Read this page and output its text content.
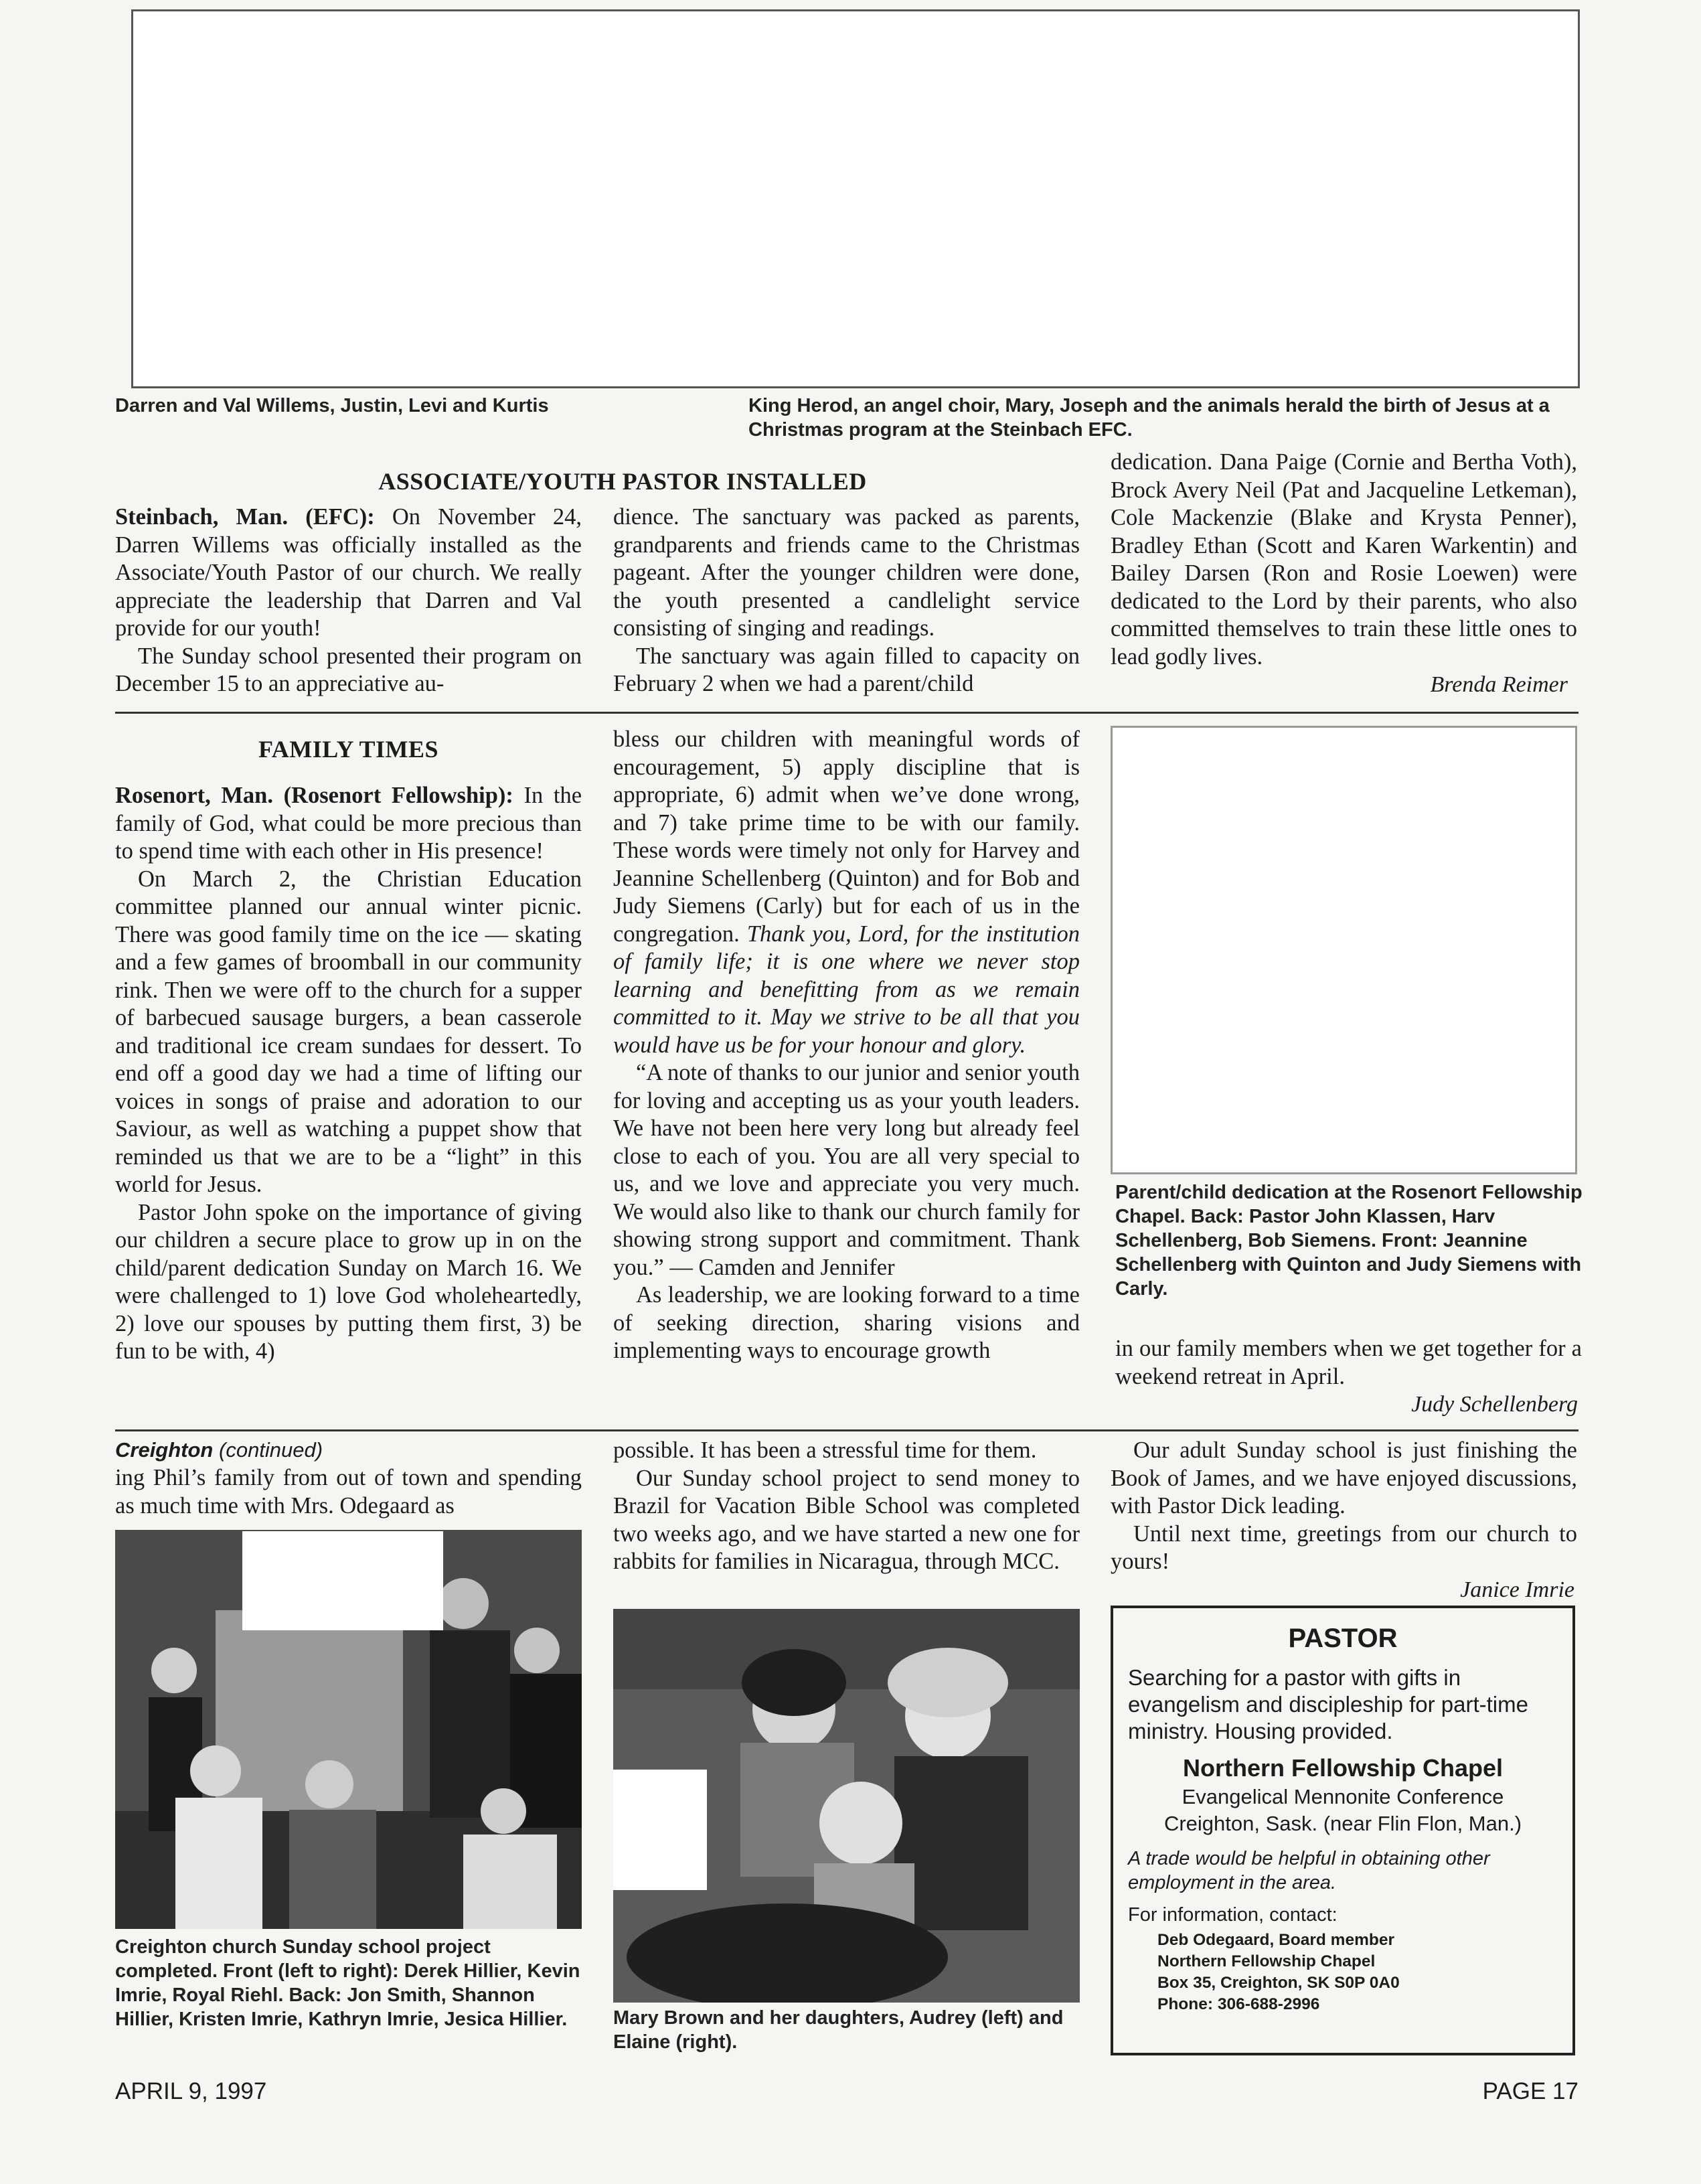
Darren and Val Willems, Justin, Levi and Kurtis	King Herod, an angel choir, Mary, Joseph and the animals herald the birth of Jesus at a Christmas program at the Steinbach EFC.
ASSOCIATE/YOUTH PASTOR INSTALLED

Steinbach, Man. (EFC): On November 24, Darren Willems was officially installed as the Associate/Youth Pastor of our church. We really appreciate the leadership that Darren and Val provide for our youth!

The Sunday school presented their program on December 15 to an appreciative au-

dience. The sanctuary was packed as parents, grandparents and friends came to the Christmas pageant. After the younger children were done, the youth presented a candlelight service consisting of singing and readings.

The sanctuary was again filled to capacity on February 2 when we had a parent/child

dedication. Dana Paige (Cornie and Bertha Voth), Brock Avery Neil (Pat and Jacqueline Letkeman), Cole Mackenzie (Blake and Krysta Penner), Bradley Ethan (Scott and Karen Warkentin) and Bailey Darsen (Ron and Rosie Loewen) were dedicated to the Lord by their parents, who also committed themselves to train these little ones to lead godly lives.

Brenda Reimer
FAMILY TIMES

Rosenort, Man. (Rosenort Fellowship): In the family of God, what could be more precious than to spend time with each other in His presence!

On March 2, the Christian Education committee planned our annual winter picnic. There was good family time on the ice — skating and a few games of broomball in our community rink. Then we were off to the church for a supper of barbecued sausage burgers, a bean casserole and traditional ice cream sundaes for dessert. To end off a good day we had a time of lifting our voices in songs of praise and adoration to our Saviour, as well as watching a puppet show that reminded us that we are to be a “light” in this world for Jesus.

Pastor John spoke on the importance of giving our children a secure place to grow up in on the child/parent dedication Sunday on March 16. We were challenged to 1) love God wholeheartedly, 2) love our spouses by putting them first, 3) be fun to be with, 4)

bless our children with meaningful words of encouragement, 5) apply discipline that is appropriate, 6) admit when we’ve done wrong, and 7) take prime time to be with our family. These words were timely not only for Harvey and Jeannine Schellenberg (Quinton) and for Bob and Judy Siemens (Carly) but for each of us in the congregation. Thank you, Lord, for the institution of family life; it is one where we never stop learning and benefitting from as we remain committed to it. May we strive to be all that you would have us be for your honour and glory.

“A note of thanks to our junior and senior youth for loving and accepting us as your youth leaders. We have not been here very long but already feel close to each of you. You are all very special to us, and we love and appreciate you very much. We would also like to thank our church family for showing strong support and commitment. Thank you.” — Camden and Jennifer

As leadership, we are looking forward to a time of seeking direction, sharing visions and implementing ways to encourage growth

Parent/child dedication at the Rosenort Fellowship Chapel. Back: Pastor John Klassen, Harv Schellenberg, Bob Siemens. Front: Jeannine Schellenberg with Quinton and Judy Siemens with Carly.

in our family members when we get together for a weekend retreat in April.

Judy Schellenberg
Creighton (continued)

ing Phil’s family from out of town and spending as much time with Mrs. Odegaard as

Creighton church Sunday school project completed. Front (left to right): Derek Hillier, Kevin Imrie, Royal Riehl. Back: Jon Smith, Shannon Hillier, Kristen Imrie, Kathryn Imrie, Jesica Hillier.

possible. It has been a stressful time for them.

Our Sunday school project to send money to Brazil for Vacation Bible School was completed two weeks ago, and we have started a new one for rabbits for families in Nicaragua, through MCC.

Mary Brown and her daughters, Audrey (left) and Elaine (right).

Our adult Sunday school is just finishing the Book of James, and we have enjoyed discussions, with Pastor Dick leading.

Until next time, greetings from our church to yours!

Janice Imrie

PASTOR

Searching for a pastor with gifts in evangelism and discipleship for part-time ministry. Housing provided.

Northern Fellowship Chapel

Evangelical Mennonite Conference

Creighton, Sask. (near Flin Flon, Man.)

A trade would be helpful in obtaining other employment in the area.

For information, contact:

Deb Odegaard, Board member
Northern Fellowship Chapel
Box 35, Creighton, SK S0P 0A0
Phone: 306-688-2996
APRIL 9, 1997	PAGE 17
